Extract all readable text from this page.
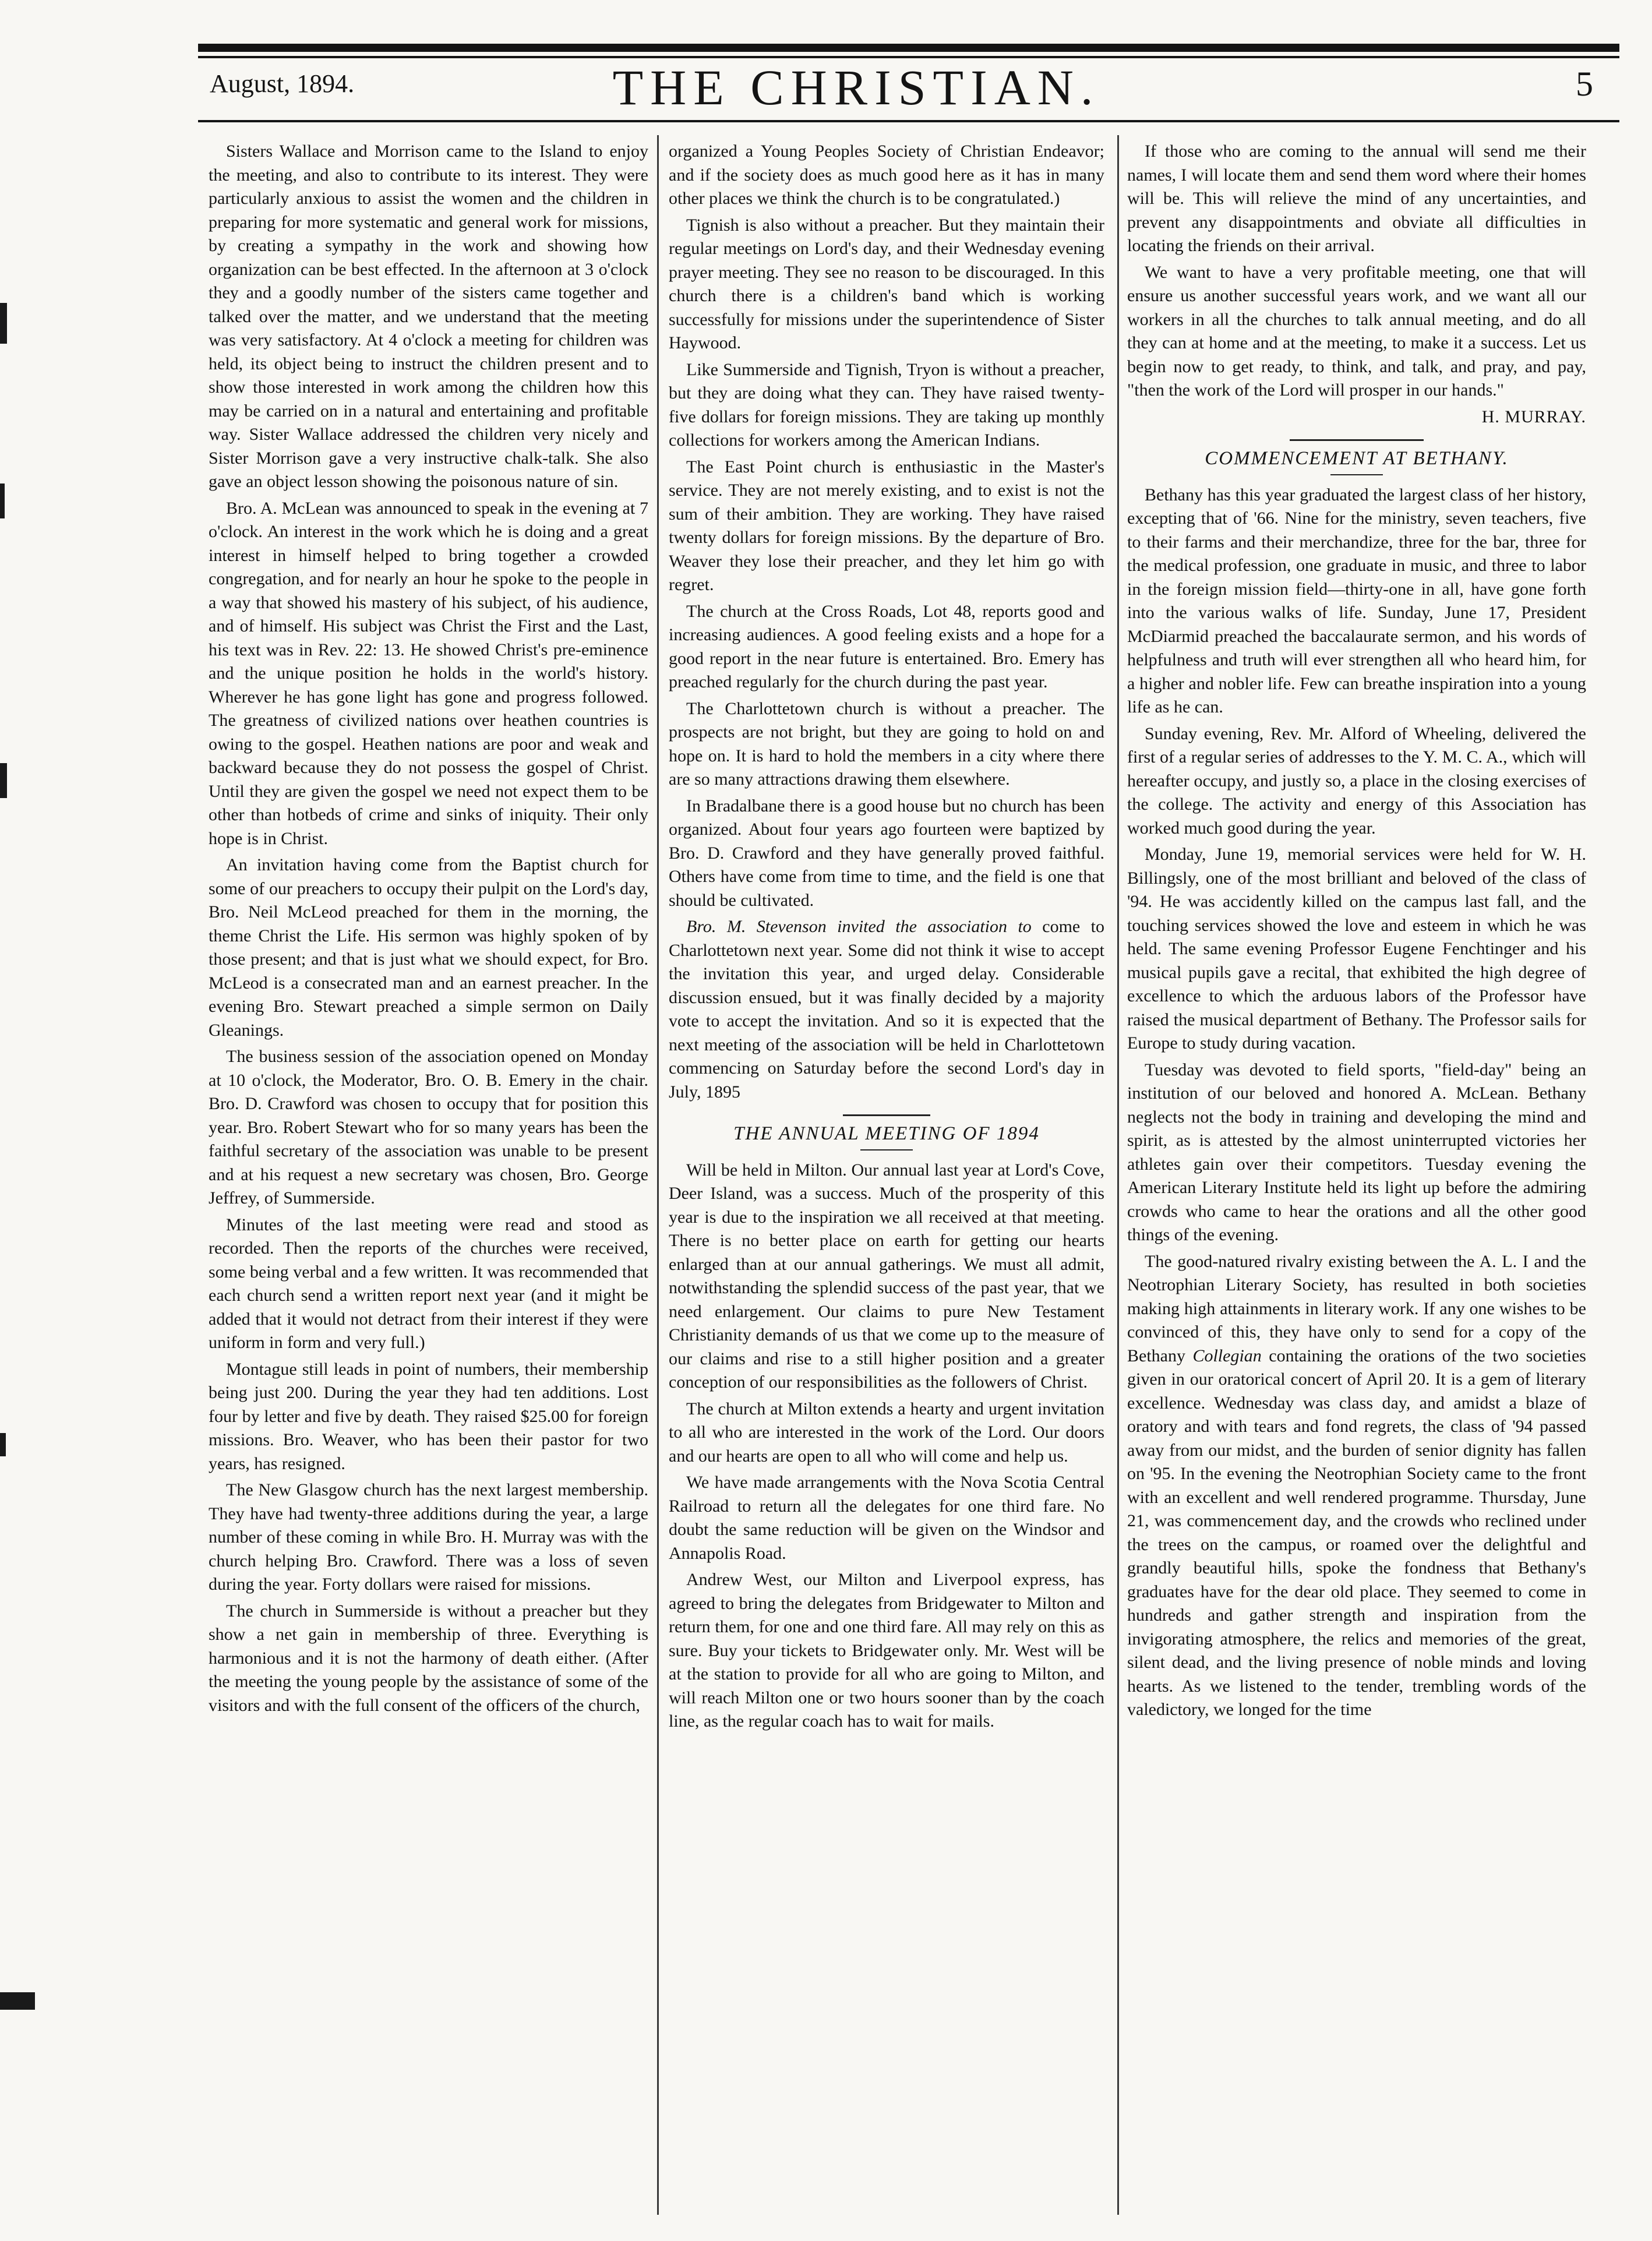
August, 1894.	THE CHRISTIAN.	5

Sisters Wallace and Morrison came to the Island to enjoy the meeting, and also to contribute to its interest. They were particularly anxious to assist the women and the children in preparing for more systematic and general work for missions, by creating a sympathy in the work and showing how organization can be best effected. In the afternoon at 3 o'clock they and a goodly number of the sisters came together and talked over the matter, and we understand that the meeting was very satisfactory. At 4 o'clock a meeting for children was held, its object being to instruct the children present and to show those interested in work among the children how this may be carried on in a natural and entertaining and profitable way. Sister Wallace addressed the children very nicely and Sister Morrison gave a very instructive chalk-talk. She also gave an object lesson showing the poisonous nature of sin.

Bro. A. McLean was announced to speak in the evening at 7 o'clock. An interest in the work which he is doing and a great interest in himself helped to bring together a crowded congregation, and for nearly an hour he spoke to the people in a way that showed his mastery of his subject, of his audience, and of himself. His subject was Christ the First and the Last, his text was in Rev. 22: 13. He showed Christ's pre-eminence and the unique position he holds in the world's history. Wherever he has gone light has gone and progress followed. The greatness of civilized nations over heathen countries is owing to the gospel. Heathen nations are poor and weak and backward because they do not possess the gospel of Christ. Until they are given the gospel we need not expect them to be other than hotbeds of crime and sinks of iniquity. Their only hope is in Christ.

An invitation having come from the Baptist church for some of our preachers to occupy their pulpit on the Lord's day, Bro. Neil McLeod preached for them in the morning, the theme Christ the Life. His sermon was highly spoken of by those present; and that is just what we should expect, for Bro. McLeod is a consecrated man and an earnest preacher. In the evening Bro. Stewart preached a simple sermon on Daily Gleanings.

The business session of the association opened on Monday at 10 o'clock, the Moderator, Bro. O. B. Emery in the chair. Bro. D. Crawford was chosen to occupy that for position this year. Bro. Robert Stewart who for so many years has been the faithful secretary of the association was unable to be present and at his request a new secretary was chosen, Bro. George Jeffrey, of Summerside.

Minutes of the last meeting were read and stood as recorded. Then the reports of the churches were received, some being verbal and a few written. It was recommended that each church send a written report next year (and it might be added that it would not detract from their interest if they were uniform in form and very full.)

Montague still leads in point of numbers, their membership being just 200. During the year they had ten additions. Lost four by letter and five by death. They raised $25.00 for foreign missions. Bro. Weaver, who has been their pastor for two years, has resigned.

The New Glasgow church has the next largest membership. They have had twenty-three additions during the year, a large number of these coming in while Bro. H. Murray was with the church helping Bro. Crawford. There was a loss of seven during the year. Forty dollars were raised for missions.

The church in Summerside is without a preacher but they show a net gain in membership of three. Everything is harmonious and it is not the harmony of death either. (After the meeting the young people by the assistance of some of the visitors and with the full consent of the officers of the church,

organized a Young Peoples Society of Christian Endeavor; and if the society does as much good here as it has in many other places we think the church is to be congratulated.)

Tignish is also without a preacher. But they maintain their regular meetings on Lord's day, and their Wednesday evening prayer meeting. They see no reason to be discouraged. In this church there is a children's band which is working successfully for missions under the superintendence of Sister Haywood.

Like Summerside and Tignish, Tryon is without a preacher, but they are doing what they can. They have raised twenty-five dollars for foreign missions. They are taking up monthly collections for workers among the American Indians.

The East Point church is enthusiastic in the Master's service. They are not merely existing, and to exist is not the sum of their ambition. They are working. They have raised twenty dollars for foreign missions. By the departure of Bro. Weaver they lose their preacher, and they let him go with regret.

The church at the Cross Roads, Lot 48, reports good and increasing audiences. A good feeling exists and a hope for a good report in the near future is entertained. Bro. Emery has preached regularly for the church during the past year.

The Charlottetown church is without a preacher. The prospects are not bright, but they are going to hold on and hope on. It is hard to hold the members in a city where there are so many attractions drawing them elsewhere.

In Bradalbane there is a good house but no church has been organized. About four years ago fourteen were baptized by Bro. D. Crawford and they have generally proved faithful. Others have come from time to time, and the field is one that should be cultivated.

Bro. M. Stevenson invited the association to come to Charlottetown next year. Some did not think it wise to accept the invitation this year, and urged delay. Considerable discussion ensued, but it was finally decided by a majority vote to accept the invitation. And so it is expected that the next meeting of the association will be held in Charlottetown commencing on Saturday before the second Lord's day in July, 1895

THE ANNUAL MEETING OF 1894

Will be held in Milton. Our annual last year at Lord's Cove, Deer Island, was a success. Much of the prosperity of this year is due to the inspiration we all received at that meeting. There is no better place on earth for getting our hearts enlarged than at our annual gatherings. We must all admit, notwithstanding the splendid success of the past year, that we need enlargement. Our claims to pure New Testament Christianity demands of us that we come up to the measure of our claims and rise to a still higher position and a greater conception of our responsibilities as the followers of Christ.

The church at Milton extends a hearty and urgent invitation to all who are interested in the work of the Lord. Our doors and our hearts are open to all who will come and help us.

We have made arrangements with the Nova Scotia Central Railroad to return all the delegates for one third fare. No doubt the same reduction will be given on the Windsor and Annapolis Road.

Andrew West, our Milton and Liverpool express, has agreed to bring the delegates from Bridgewater to Milton and return them, for one and one third fare. All may rely on this as sure. Buy your tickets to Bridgewater only. Mr. West will be at the station to provide for all who are going to Milton, and will reach Milton one or two hours sooner than by the coach line, as the regular coach has to wait for mails.

If those who are coming to the annual will send me their names, I will locate them and send them word where their homes will be. This will relieve the mind of any uncertainties, and prevent any disappointments and obviate all difficulties in locating the friends on their arrival.

We want to have a very profitable meeting, one that will ensure us another successful years work, and we want all our workers in all the churches to talk annual meeting, and do all they can at home and at the meeting, to make it a success. Let us begin now to get ready, to think, and talk, and pray, and pay, "then the work of the Lord will prosper in our hands."

H. MURRAY.

COMMENCEMENT AT BETHANY.

Bethany has this year graduated the largest class of her history, excepting that of '66. Nine for the ministry, seven teachers, five to their farms and their merchandize, three for the bar, three for the medical profession, one graduate in music, and three to labor in the foreign mission field—thirty-one in all, have gone forth into the various walks of life. Sunday, June 17, President McDiarmid preached the baccalaurate sermon, and his words of helpfulness and truth will ever strengthen all who heard him, for a higher and nobler life. Few can breathe inspiration into a young life as he can.

Sunday evening, Rev. Mr. Alford of Wheeling, delivered the first of a regular series of addresses to the Y. M. C. A., which will hereafter occupy, and justly so, a place in the closing exercises of the college. The activity and energy of this Association has worked much good during the year.

Monday, June 19, memorial services were held for W. H. Billingsly, one of the most brilliant and beloved of the class of '94. He was accidently killed on the campus last fall, and the touching services showed the love and esteem in which he was held. The same evening Professor Eugene Fenchtinger and his musical pupils gave a recital, that exhibited the high degree of excellence to which the arduous labors of the Professor have raised the musical department of Bethany. The Professor sails for Europe to study during vacation.

Tuesday was devoted to field sports, "field-day" being an institution of our beloved and honored A. McLean. Bethany neglects not the body in training and developing the mind and spirit, as is attested by the almost uninterrupted victories her athletes gain over their competitors. Tuesday evening the American Literary Institute held its light up before the admiring crowds who came to hear the orations and all the other good things of the evening.

The good-natured rivalry existing between the A. L. I and the Neotrophian Literary Society, has resulted in both societies making high attainments in literary work. If any one wishes to be convinced of this, they have only to send for a copy of the Bethany Collegian containing the orations of the two societies given in our oratorical concert of April 20. It is a gem of literary excellence. Wednesday was class day, and amidst a blaze of oratory and with tears and fond regrets, the class of '94 passed away from our midst, and the burden of senior dignity has fallen on '95. In the evening the Neotrophian Society came to the front with an excellent and well rendered programme. Thursday, June 21, was commencement day, and the crowds who reclined under the trees on the campus, or roamed over the delightful and grandly beautiful hills, spoke the fondness that Bethany's graduates have for the dear old place. They seemed to come in hundreds and gather strength and inspiration from the invigorating atmosphere, the relics and memories of the great, silent dead, and the living presence of noble minds and loving hearts. As we listened to the tender, trembling words of the valedictory, we longed for the time
